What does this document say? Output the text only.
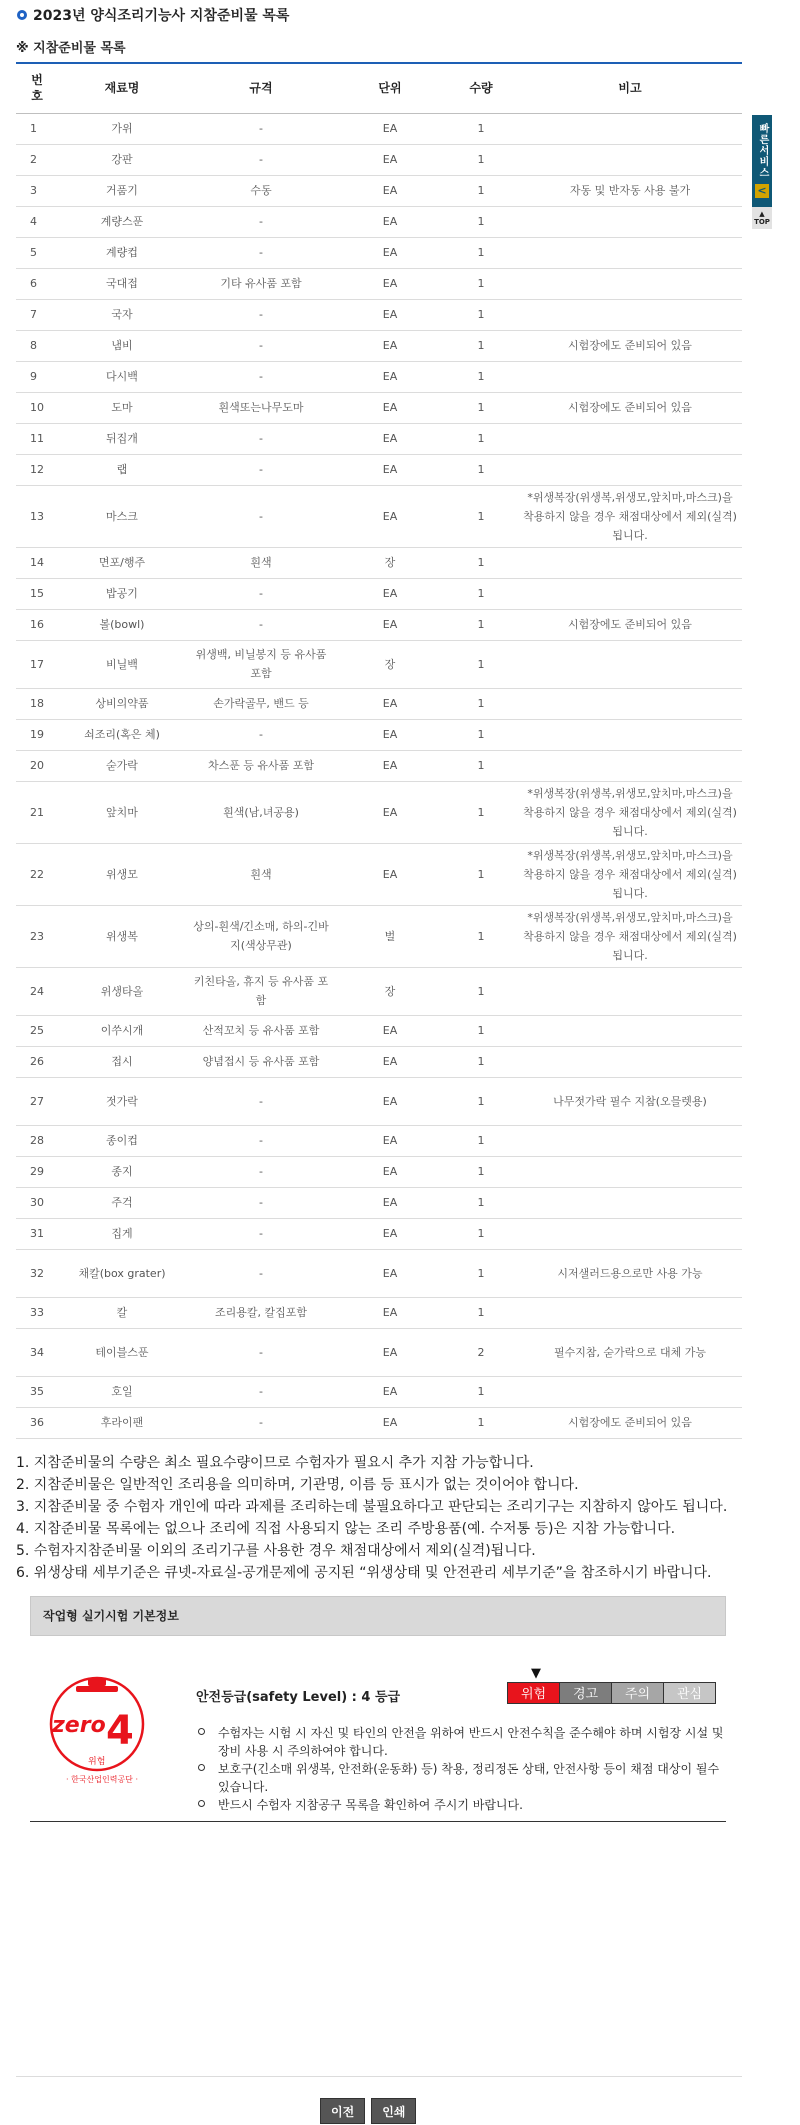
2023년 양식조리기능사 지참준비물 목록
※ 지참준비물 목록
번
호	재료명	규격	단위	수량	비고
1	가위	-	EA	1	
2	강판	-	EA	1	
3	거품기	수동	EA	1	자동 및 반자동 사용 불가
4	계량스푼	-	EA	1	
5	계량컵	-	EA	1	
6	국대접	기타 유사품 포함	EA	1	
7	국자	-	EA	1	
8	냄비	-	EA	1	시험장에도 준비되어 있음
9	다시백	-	EA	1	
10	도마	흰색또는나무도마	EA	1	시험장에도 준비되어 있음
11	뒤집개	-	EA	1	
12	랩	-	EA	1	
13	마스크	-	EA	1	*위생복장(위생복,위생모,앞치마,마스크)을 착용하지 않을 경우 채점대상에서 제외(실격)됩니다.
14	면포/행주	흰색	장	1	
15	밥공기	-	EA	1	
16	볼(bowl)	-	EA	1	시험장에도 준비되어 있음
17	비닐백	위생백, 비닐봉지 등 유사품 포함	장	1	
18	상비의약품	손가락골무, 밴드 등	EA	1	
19	쇠조리(혹은 체)	-	EA	1	
20	숟가락	차스푼 등 유사품 포함	EA	1	
21	앞치마	흰색(남,녀공용)	EA	1	*위생복장(위생복,위생모,앞치마,마스크)을 착용하지 않을 경우 채점대상에서 제외(실격)됩니다.
22	위생모	흰색	EA	1	*위생복장(위생복,위생모,앞치마,마스크)을 착용하지 않을 경우 채점대상에서 제외(실격)됩니다.
23	위생복	상의-흰색/긴소매, 하의-긴바지(색상무관)	벌	1	*위생복장(위생복,위생모,앞치마,마스크)을 착용하지 않을 경우 채점대상에서 제외(실격)됩니다.
24	위생타올	키친타올, 휴지 등 유사품 포함	장	1	
25	이쑤시개	산적꼬치 등 유사품 포함	EA	1	
26	접시	양념접시 등 유사품 포함	EA	1	
27	젓가락	-	EA	1	나무젓가락 필수 지참(오믈렛용)
28	종이컵	-	EA	1	
29	종지	-	EA	1	
30	주걱	-	EA	1	
31	집게	-	EA	1	
32	채칼(box grater)	-	EA	1	시저샐러드용으로만 사용 가능
33	칼	조리용칼, 칼집포함	EA	1	
34	테이블스푼	-	EA	2	필수지참, 숟가락으로 대체 가능
35	호일	-	EA	1	
36	후라이팬	-	EA	1	시험장에도 준비되어 있음
1. 지참준비물의 수량은 최소 필요수량이므로 수험자가 필요시 추가 지참 가능합니다.
2. 지참준비물은 일반적인 조리용을 의미하며, 기관명, 이름 등 표시가 없는 것이어야 합니다.
3. 지참준비물 중 수험자 개인에 따라 과제를 조리하는데 불필요하다고 판단되는 조리기구는 지참하지 않아도 됩니다.
4. 지참준비물 목록에는 없으나 조리에 직접 사용되지 않는 조리 주방용품(예. 수저통 등)은 지참 가능합니다.
5. 수험자지참준비물 이외의 조리기구를 사용한 경우 채점대상에서 제외(실격)됩니다.
6. 위생상태 세부기준은 큐넷-자료실-공개문제에 공지된 “위생상태 및 안전관리 세부기준”을 참조하시기 바랍니다.
작업형 실기시험 기본정보
zero 4
위험
· 한국산업인력공단 ·
안전등급(safety Level) : 4 등급
▼
위험	경고	주의	관심
수험자는 시험 시 자신 및 타인의 안전을 위하여 반드시 안전수칙을 준수해야 하며 시험장 시설 및 장비 사용 시 주의하여야 합니다.
보호구(긴소매 위생복, 안전화(운동화) 등) 착용, 정리정돈 상태, 안전사항 등이 채점 대상이 될수 있습니다.
반드시 수험자 지참공구 목록을 확인하여 주시기 바랍니다.
이전	인쇄
빠른서비스
<
▲
TOP
